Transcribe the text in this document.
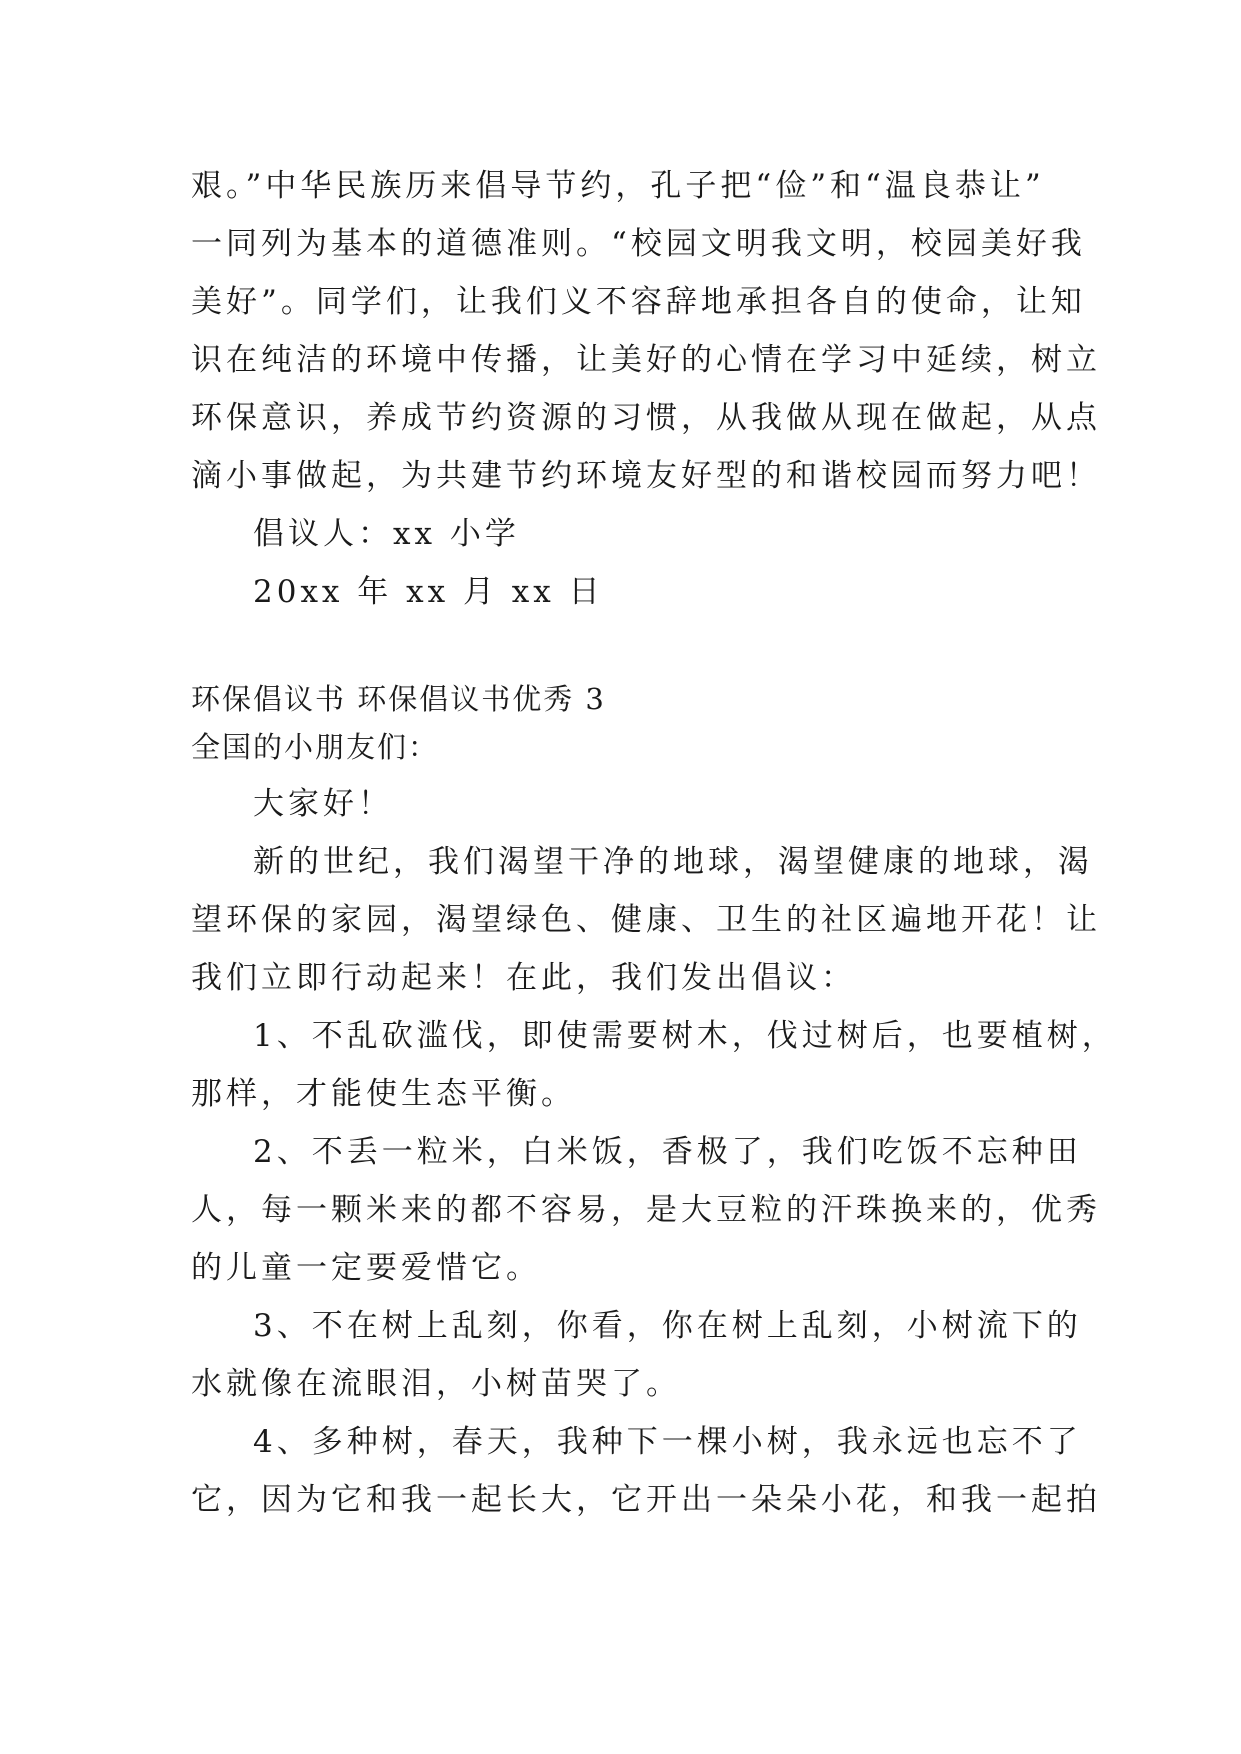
艰。”中华民族历来倡导节约，孔子把“俭”和“温良恭让”
一同列为基本的道德准则。“校园文明我文明，校园美好我
美好”。同学们，让我们义不容辞地承担各自的使命，让知
识在纯洁的环境中传播，让美好的心情在学习中延续，树立
环保意识，养成节约资源的习惯，从我做从现在做起，从点
滴小事做起，为共建节约环境友好型的和谐校园而努力吧！
倡议人：xx 小学
20xx 年 xx 月 xx 日
环保倡议书 环保倡议书优秀 3
全国的小朋友们：
大家好！
新的世纪，我们渴望干净的地球，渴望健康的地球，渴
望环保的家园，渴望绿色、健康、卫生的社区遍地开花！让
我们立即行动起来！在此，我们发出倡议：
1、不乱砍滥伐，即使需要树木，伐过树后，也要植树，
那样，才能使生态平衡。
2、不丢一粒米，白米饭，香极了，我们吃饭不忘种田
人，每一颗米来的都不容易，是大豆粒的汗珠换来的，优秀
的儿童一定要爱惜它。
3、不在树上乱刻，你看，你在树上乱刻，小树流下的
水就像在流眼泪，小树苗哭了。
4、多种树，春天，我种下一棵小树，我永远也忘不了
它，因为它和我一起长大，它开出一朵朵小花，和我一起拍
